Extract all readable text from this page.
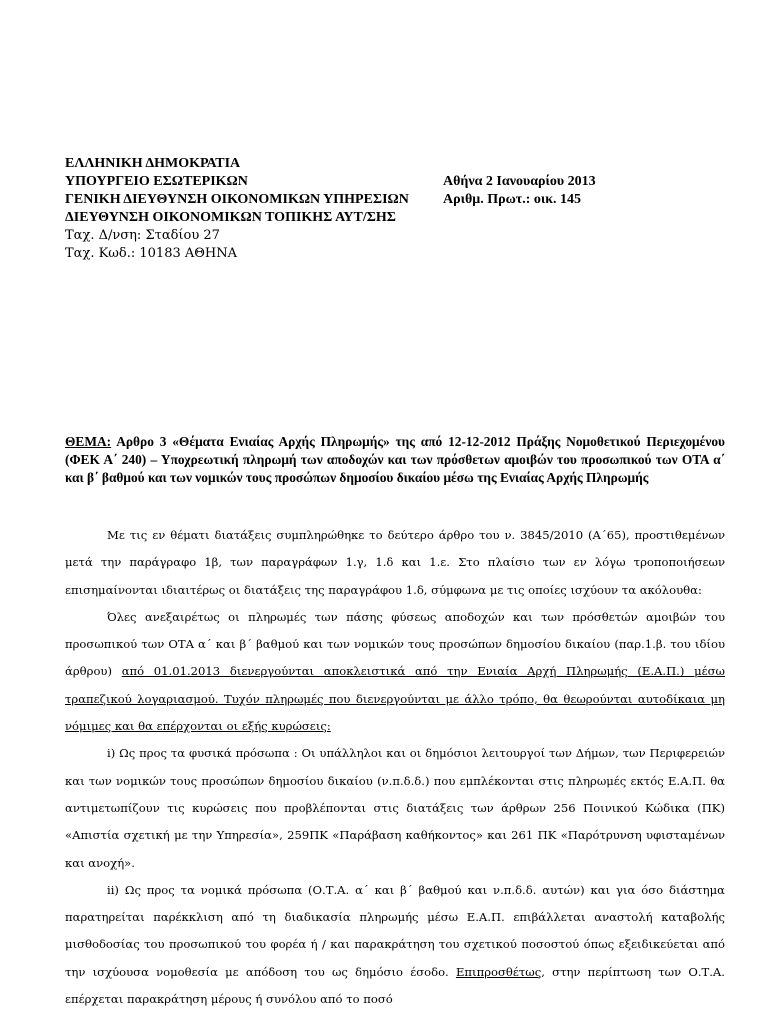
ΕΛΛΗΝΙΚΗ ΔΗΜΟΚΡΑΤΙΑ
ΥΠΟΥΡΓΕΙΟ ΕΣΩΤΕΡΙΚΩΝ	Αθήνα 2 Ιανουαρίου 2013
ΓΕΝΙΚΗ ΔΙΕΥΘΥΝΣΗ ΟΙΚΟΝΟΜΙΚΩΝ ΥΠΗΡΕΣΙΩΝ Αριθμ. Πρωτ.: οικ. 145
ΔΙΕΥΘΥΝΣΗ ΟΙΚΟΝΟΜΙΚΩΝ ΤΟΠΙΚΗΣ ΑΥΤ/ΣΗΣ
Ταχ. Δ/νση: Σταδίου 27
Ταχ. Κωδ.: 10183 ΑΘΗΝΑ
ΘΕΜΑ: Αρθρο 3 «Θέματα Ενιαίας Αρχής Πληρωμής» της από 12-12-2012 Πράξης Νομοθετικού Περιεχομένου (ΦΕΚ Α΄ 240) – Υποχρεωτική πληρωμή των αποδοχών και των πρόσθετων αμοιβών του προσωπικού των ΟΤΑ α΄ και β΄ βαθμού και των νομικών τους προσώπων δημοσίου δικαίου μέσω της Ενιαίας Αρχής Πληρωμής

Με τις εν θέματι διατάξεις συμπληρώθηκε το δεύτερο άρθρο του ν. 3845/2010 (Α΄65), προστιθεμένων μετά την παράγραφο 1β, των παραγράφων 1.γ, 1.δ και 1.ε. Στο πλαίσιο των εν λόγω τροποποιήσεων επισημαίνονται ιδιαιτέρως οι διατάξεις της παραγράφου 1.δ, σύμφωνα με τις οποίες ισχύουν τα ακόλουθα:

Όλες ανεξαιρέτως οι πληρωμές των πάσης φύσεως αποδοχών και των πρόσθετών αμοιβών του προσωπικού των ΟΤΑ α΄ και β΄ βαθμού και των νομικών τους προσώπων δημοσίου δικαίου (παρ.1.β. του ιδίου άρθρου) από 01.01.2013 διενεργούνται αποκλειστικά από την Ενιαία Αρχή Πληρωμής (Ε.Α.Π.) μέσω τραπεζικού λογαριασμού. Τυχόν πληρωμές που διενεργούνται με άλλο τρόπο, θα θεωρούνται αυτοδίκαια μη νόμιμες και θα επέρχονται οι εξής κυρώσεις:

i) Ως προς τα φυσικά πρόσωπα : Οι υπάλληλοι και οι δημόσιοι λειτουργοί των Δήμων, των Περιφερειών και των νομικών τους προσώπων δημοσίου δικαίου (ν.π.δ.δ.) που εμπλέκονται στις πληρωμές εκτός Ε.Α.Π. θα αντιμετωπίζουν τις κυρώσεις που προβλέπονται στις διατάξεις των άρθρων 256 Ποινικού Κώδικα (ΠΚ) «Απιστία σχετική με την Υπηρεσία», 259ΠΚ «Παράβαση καθήκοντος» και 261 ΠΚ «Παρότρυνση υφισταμένων και ανοχή».

ii) Ως προς τα νομικά πρόσωπα (Ο.Τ.Α. α΄ και β΄ βαθμού και ν.π.δ.δ. αυτών) και για όσο διάστημα παρατηρείται παρέκκλιση από τη διαδικασία πληρωμής μέσω Ε.Α.Π. επιβάλλεται αναστολή καταβολής μισθοδοσίας του προσωπικού του φορέα ή / και παρακράτηση του σχετικού ποσοστού όπως εξειδικεύεται από την ισχύουσα νομοθεσία με απόδοση του ως δημόσιο έσοδο. Επιπροσθέτως, στην περίπτωση των Ο.Τ.Α. επέρχεται παρακράτηση μέρους ή συνόλου από το ποσό
